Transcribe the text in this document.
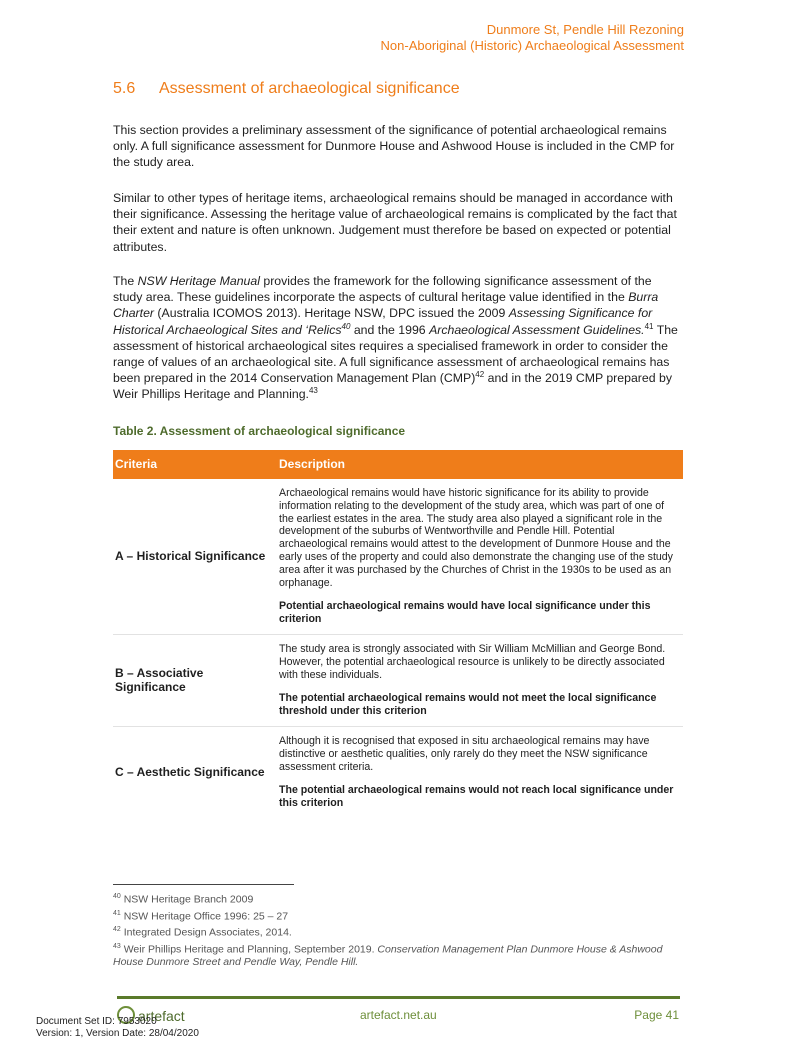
Dunmore St, Pendle Hill Rezoning
Non-Aboriginal (Historic) Archaeological Assessment
5.6 Assessment of archaeological significance

This section provides a preliminary assessment of the significance of potential archaeological remains only. A full significance assessment for Dunmore House and Ashwood House is included in the CMP for the study area.

Similar to other types of heritage items, archaeological remains should be managed in accordance with their significance. Assessing the heritage value of archaeological remains is complicated by the fact that their extent and nature is often unknown. Judgement must therefore be based on expected or potential attributes.

The NSW Heritage Manual provides the framework for the following significance assessment of the study area. These guidelines incorporate the aspects of cultural heritage value identified in the Burra Charter (Australia ICOMOS 2013). Heritage NSW, DPC issued the 2009 Assessing Significance for Historical Archaeological Sites and ‘Relics$^{40}$ and the 1996 Archaeological Assessment Guidelines.$^{41}$ The assessment of historical archaeological sites requires a specialised framework in order to consider the range of values of an archaeological site. A full significance assessment of archaeological remains has been prepared in the 2014 Conservation Management Plan (CMP)$^{42}$ and in the 2019 CMP prepared by Weir Phillips Heritage and Planning.$^{43}$

Table 2. Assessment of archaeological significance
Criteria	Description
A – Historical Significance	Archaeological remains would have historic significance for its ability to provide information relating to the development of the study area, which was part of one of the earliest estates in the area. The study area also played a significant role in the development of the suburbs of Wentworthville and Pendle Hill. Potential archaeological remains would attest to the development of Dunmore House and the early uses of the property and could also demonstrate the changing use of the study area after it was purchased by the Churches of Christ in the 1930s to be used as an orphanage.

Potential archaeological remains would have local significance under this criterion

B – Associative Significance	The study area is strongly associated with Sir William McMillian and George Bond. However, the potential archaeological resource is unlikely to be directly associated with these individuals.

The potential archaeological remains would not meet the local significance threshold under this criterion

C – Aesthetic Significance	Although it is recognised that exposed in situ archaeological remains may have distinctive or aesthetic qualities, only rarely do they meet the NSW significance assessment criteria.

The potential archaeological remains would not reach local significance under this criterion

$^{40}$ NSW Heritage Branch 2009
$^{41}$ NSW Heritage Office 1996: 25 – 27
$^{42}$ Integrated Design Associates, 2014.
$^{43}$ Weir Phillips Heritage and Planning, September 2019. Conservation Management Plan Dunmore House & Ashwood House Dunmore Street and Pendle Way, Pendle Hill.
artefact	artefact.net.au	Page 41
Document Set ID: 7953020
Version: 1, Version Date: 28/04/2020
